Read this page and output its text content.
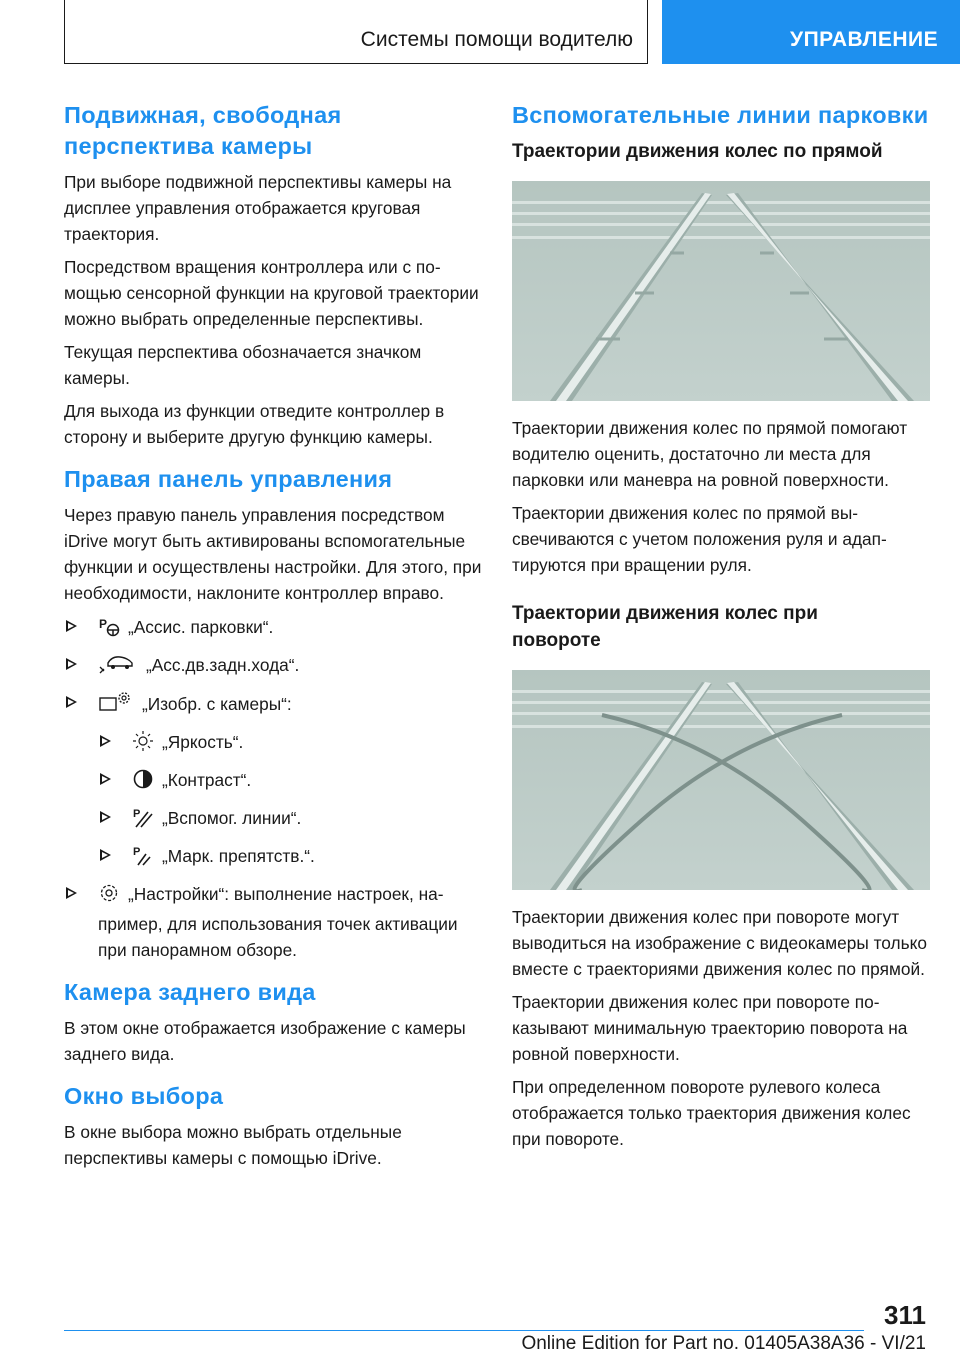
Системы помощи водителю	УПРАВЛЕНИЕ
Подвижная, свободная перспектива камеры

При выборе подвижной перспективы камеры на дисплее управления отображается круговая траектория.

Посредством вращения контроллера или с помощью сенсорной функции на круговой траектории можно выбрать определенные перспективы.

Текущая перспектива обозначается значком камеры.

Для выхода из функции отведите контроллер в сторону и выберите другую функцию камеры.

Правая панель управления

Через правую панель управления посредством iDrive могут быть активированы вспомогательные функции и осуществлены настройки. Для этого, при необходимости, наклоните контроллер вправо.

P „Ассис. парковки“.
„Асс.дв.задн.хода“.
„Изобр. с камеры“:
„Яркость“.
„Контраст“.
P „Вспомог. линии“.
P „Марк. препятств.“.
„Настройки“: выполнение настроек, например, для использования точек активации при панорамном обзоре.
Камера заднего вида

В этом окне отображается изображение с камеры заднего вида.

Окно выбора

В окне выбора можно выбрать отдельные перспективы камеры с помощью iDrive.

Вспомогательные линии парковки
Траектории движения колес по прямой

Траектории движения колес по прямой помогают водителю оценить, достаточно ли места для парковки или маневра на ровной поверхности.

Траектории движения колес по прямой высвечиваются с учетом положения руля и адаптируются при вращении руля.

Траектории движения колес при повороте

Траектории движения колес при повороте могут выводиться на изображение с видеокамеры только вместе с траекториями движения колес по прямой.

Траектории движения колес при повороте показывают минимальную траекторию поворота на ровной поверхности.

При определенном повороте рулевого колеса отображается только траектория движения колес при повороте.

311
Online Edition for Part no. 01405A38A36 - VI/21
